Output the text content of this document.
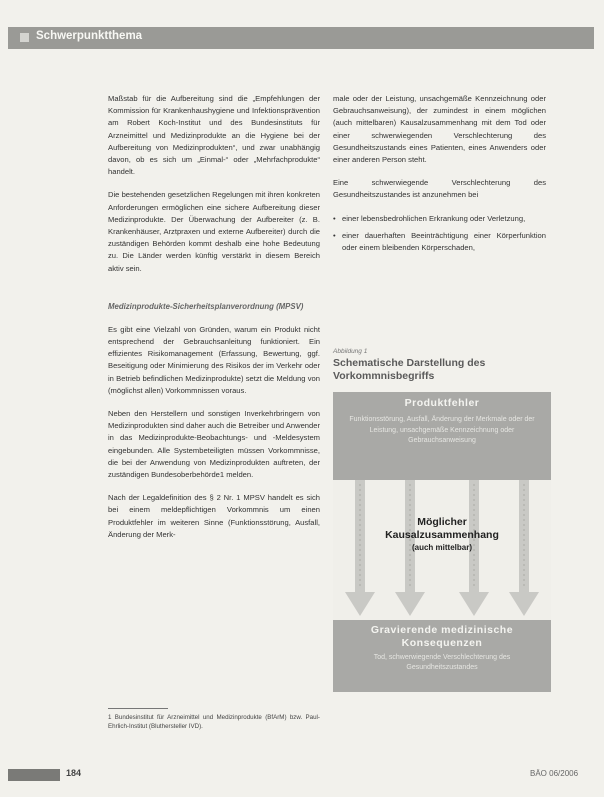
Schwerpunktthema

Maßstab für die Aufbereitung sind die „Empfehlungen der Kommission für Krankenhaushygiene und Infektionsprävention am Robert Koch-Institut und des Bundesinstituts für Arzneimittel und Medizinprodukte an die Hygiene bei der Aufbereitung von Medizinprodukten“, und zwar unabhängig davon, ob es sich um „Einmal-“ oder „Mehrfachprodukte“ handelt.

Die bestehenden gesetzlichen Regelungen mit ihren konkreten Anforderungen ermöglichen eine sichere Aufbereitung dieser Medizinprodukte. Der Überwachung der Aufbereiter (z. B. Krankenhäuser, Arztpraxen und externe Aufbereiter) durch die zuständigen Behörden kommt deshalb eine hohe Bedeutung zu. Die Länder werden künftig verstärkt in diesem Bereich aktiv sein.

Medizinprodukte-Sicherheitsplanverordnung (MPSV)

Es gibt eine Vielzahl von Gründen, warum ein Produkt nicht entsprechend der Gebrauchsanleitung funktioniert. Ein effizientes Risikomanagement (Erfassung, Bewertung, ggf. Beseitigung oder Minimierung des Risikos der im Verkehr oder in Betrieb befindlichen Medizinprodukte) setzt die Meldung von (möglichst allen) Vorkommnissen voraus.

Neben den Herstellern und sonstigen Inverkehrbringern von Medizinprodukten sind daher auch die Betreiber und Anwender in das Medizinprodukte-Beobachtungs- und -Meldesystem eingebunden. Alle Systembeteiligten müssen Vorkommnisse, die bei der Anwendung von Medizinprodukten auftreten, der zuständigen Bundesoberbehörde1 melden.

Nach der Legaldefinition des § 2 Nr. 1 MPSV handelt es sich bei einem meldepflichtigen Vorkommnis um einen Produktfehler im weiteren Sinne (Funktionsstörung, Ausfall, Änderung der Merk-

male oder der Leistung, unsachgemäße Kennzeichnung oder Gebrauchsanweisung), der zumindest in einem möglichen (auch mittelbaren) Kausalzusammenhang mit dem Tod oder einer schwerwiegenden Verschlechterung des Gesundheitszustands eines Patienten, eines Anwenders oder einer anderen Person steht.

Eine schwerwiegende Verschlechterung des Gesundheitszustandes ist anzunehmen bei

• einer lebensbedrohlichen Erkrankung oder Verletzung,
• einer dauerhaften Beeinträchtigung einer Körperfunktion oder einem bleibenden Körperschaden,
Abbildung 1
Schematische Darstellung des Vorkommnisbegriffs
Produktfehler
Funktionsstörung, Ausfall, Änderung der Merkmale oder der Leistung, unsachgemäße Kennzeichnung oder Gebrauchsanweisung
Möglicher
Kausalzusammenhang
(auch mittelbar)
Gravierende medizinische Konsequenzen
Tod, schwerwiegende Verschlechterung des Gesundheitszustandes
1 Bundesinstitut für Arzneimittel und Medizinprodukte (BfArM) bzw. Paul-Ehrlich-Institut (Bluthersteller IVD).
184	BÄO 06/2006
